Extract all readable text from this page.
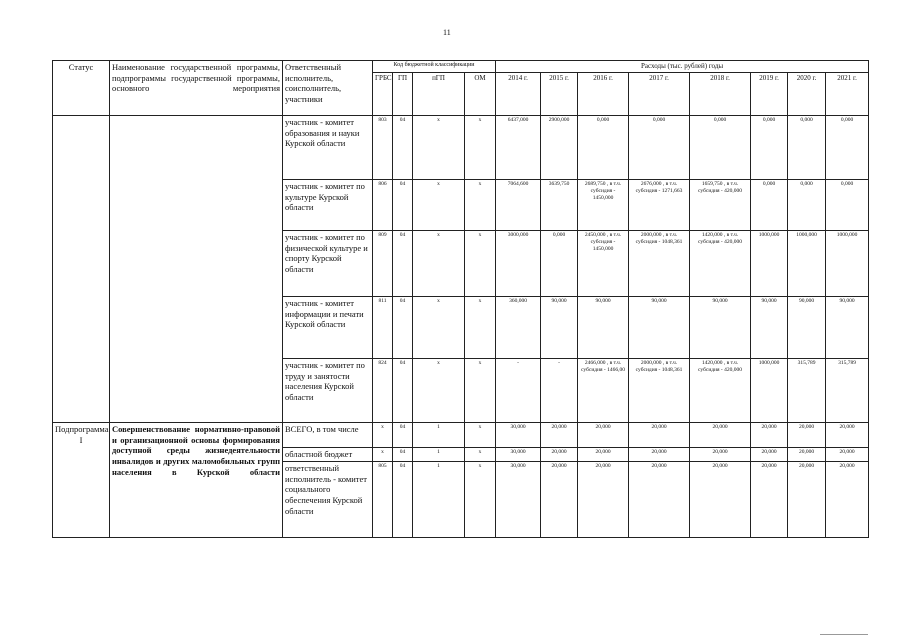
11
Статус	Наименование государственной программы, подпрограммы государственной программы, основного мероприятия	Ответственный исполнитель, соисполнитель, участники	Код бюджетной классификации				Расходы (тыс. рублей) годы							
			ГРБС	ГП	пГП	ОМ	2014 г.	2015 г.	2016 г.	2017 г.	2018 г.	2019 г.	2020 г.	2021 г.
		участник - комитет образования и науки Курской области	803	04	х	х	6437,000	2900,000	0,000	0,000	0,000	0,000	0,000	0,000
		участник - комитет по культуре Курской области	806	04	х	х	7064,600	3639,750	2689,750 , в т.ч. субсидия - 1450,000	2676,000 , в т.ч. субсидия - 1271,663	1659,750 , в т.ч. субсидия - 420,000	0,000	0,000	0,000
		участник - комитет по физической культуре и спорту Курской области	809	04	х	х	3000,000	0,000	2450,000 , в т.ч. субсидия - 1450,000	2000,000 , в т.ч. субсидия - 1048,361	1420,000 , в т.ч. субсидия - 420,000	1000,000	1000,000	1000,000
		участник - комитет информации и печати Курской области	811	04	х	х	360,000	90,000	90,000	90,000	90,000	90,000	90,000	90,000
		участник - комитет по труду и занятости населения Курской области	824	04	х	х	-	-	2466,000 , в т.ч. субсидия - 1466,00	2000,000 , в т.ч. субсидия - 1048,361	1420,000 , в т.ч. субсидия - 420,000	1000,000	315,789	315,789
Подпрограмма I	Совершенствование нормативно-правовой и организационной основы формирования доступной среды жизнедеятельности инвалидов и других маломобильных групп населения в Курской области	ВСЕГО, в том числе	х	04	1	х	30,000	20,000	20,000	20,000	20,000	20,000	20,000	20,000
		областной бюджет	х	04	1	х	30,000	20,000	20,000	20,000	20,000	20,000	20,000	20,000
		ответственный исполнитель - комитет социального обеспечения Курской области	805	04	1	х	30,000	20,000	20,000	20,000	20,000	20,000	20,000	20,000
